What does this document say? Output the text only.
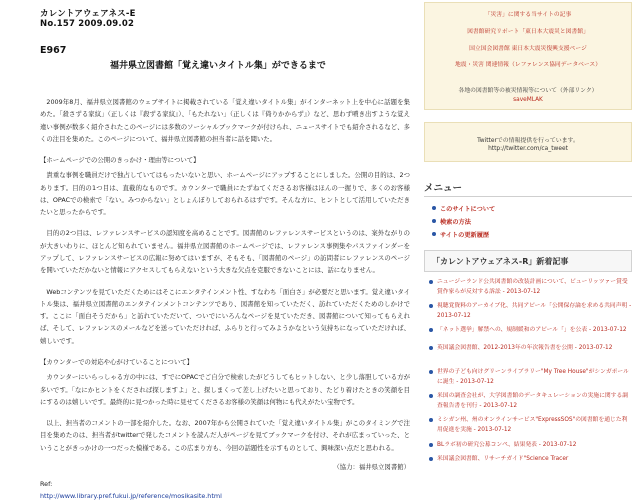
カレントアウェアネス-E
No.157 2009.09.02
E967
福井県立図書館「覚え違いタイトル集」ができるまで

2009年8月、福井県立図書館のウェブサイトに掲載されている「覚え違いタイトル集」がインターネット上を中心に話題を集めた。「殺さずる家紋」（正しくは『殺ずる家紋』）、「もたれない」（正しくは『倚りかからず』）など、思わず噴き出すような覚え違い事例が数多く紹介されたこのページには多数のソーシャルブックマークが付けられ、ニュースサイトでも紹介されるなど、多くの注目を集めた。このページについて、福井県立図書館の担当者に話を聞いた。

【ホームページでの公開のきっかけ・理由等について】

貴重な事例を職員だけで独占していてはもったいないと思い、ホームページにアップすることにしました。公開の目的は、2つあります。目的の1つ目は、直截的なものです。カウンターで職員にたずねてくださるお客様はほんの一握りで、多くのお客様は、OPACでの検索で「ない。みつからない」としょんぼりしておられるはずです。そんな方に、ヒントとして活用していただきたいと思ったからです。

目的の2つ目は、レファレンスサービスの認知度を高めることです。図書館のレファレンスサービスというのは、案外ながりのが大きいわりに、ほとんど知られていません。福井県立図書館のホームページでは、レファレンス事例集やパスファインダーをアップして、レファレンスサービスの広報に努めてはいますが、そもそも、「図書館のページ」の訪問者にレファレンスのページを開いていただかないと情報にアクセスしてもらえないという大きな欠点を克服できないことには、話になりません。

Webコンテンツを見ていただくためにはそこにエンタテインメント性、すなわち「面白さ」が必要だと思います。覚え違いタイトル集は、福井県立図書館のエンタテインメントコンテンツであり、図書館を知っていただく、訪れていただくためのしかけです。ここに「面白そうだから」と訪れていただいて、ついでにいろんなページを見ていただき、図書館について知ってもらえれば、そして、レファレンスのメールなどを送っていただければ、ふらりと行ってみようかなという気持ちになっていただければ、嬉しいです。

【カウンターでの対応や心がけていることについて】

カウンターにいらっしゃる方の中には、すでにOPACでご自分で検索したがどうしてもヒットしない、と少し落胆している方が多いです。「なにかヒントをくだされば探しますよ」と、探しまくって差し上げたいと思っており、たどり着けたときの笑顔を目にするのは嬉しいです。最終的に見つかった時に見せてくださるお客様の笑顔は何物にも代えがたい宝物です。

以上、担当者のコメントの一部を紹介した。なお、2007年から公開されていた「覚え違いタイトル集」がこのタイミングで注目を集めたのは、担当者がtwitterで発したコメントを読んだ人がページを見てブックマークを付け、それが広まっていった、ということがきっかけの一つだった模様である。この広まり方も、今回の話題性を示すものとして、興味深い点だと思われる。

（協力：福井県立図書館）

Ref:
http://www.library.pref.fukui.jp/reference/mosikasite.html
「災害」に関する当サイトの記事
図書館研究リポート「東日本大震災と図書館」
国立国会図書館 東日本大震災復興支援ページ
地震・災害 関連情報（レファレンス協同データベース）
各地の図書館等の被災情報等について（外部リンク）
saveMLAK
Twitterでの情報提供を行っています。
http://twitter.com/ca_tweet
メニュー
このサイトについて
検索の方法
サイトの更新履歴
「カレントアウェアネス-R」新着記事
ニュージーランド公共図書館の改装計画について、ビューリッツァー賞受賞作家らが反対する訴訟 - 2013-07-12
視聴覚資料のアーカイブ化、共同アピール「公開保存論を求める共同声明 - 2013-07-12
「ネット選挙」解禁への、規制緩和のアピール「」を公表 - 2013-07-12
英国議会図書館、2012-2013年の年次報告書を公開 - 2013-07-12
世界の子ども向けグリーンライブラリー"My Tree House"がシンガポールに誕生 - 2013-07-12
米国の調査会社が、大学図書館のデータキュレーションの実施に関する調査報告書を刊行 - 2013-07-12
ミシガン州、州のオンラインサービス"ExpressSOS"の図書館を通じた利用促進を実施 - 2013-07-12
BLラボ初の研究公募コンペ、結果発表 - 2013-07-12
米国議会図書館、リサーチガイド"Science Tracer
